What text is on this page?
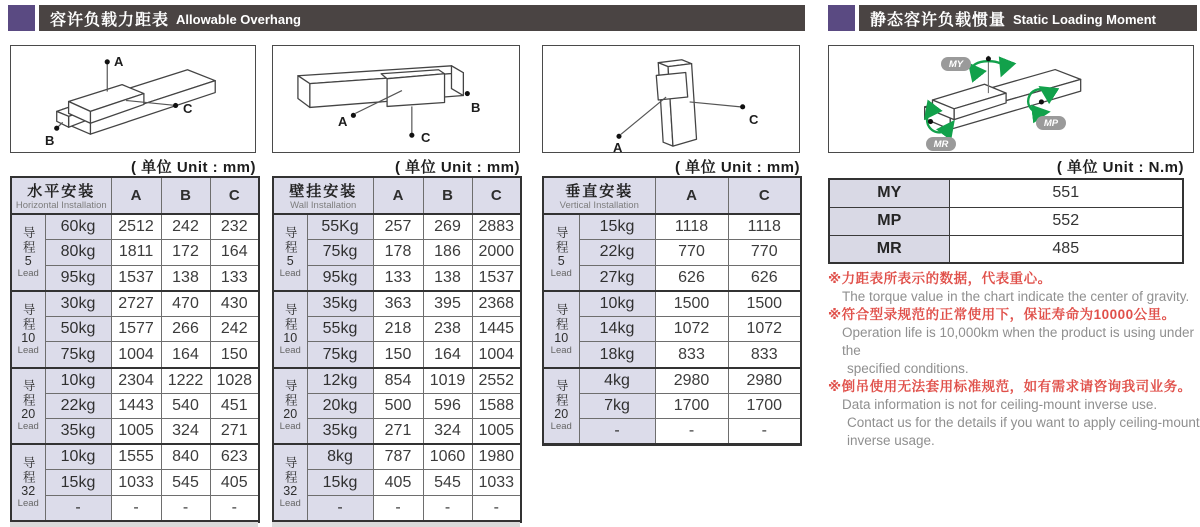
容许负载力距表 Allowable Overhang	静态容许负载惯量 Static Loading Moment
A
B
C
A
B
C
A
C
MY
MP
MR
( 单位 Unit : mm)	( 单位 Unit : mm)	( 单位 Unit : mm)	( 单位 Unit : N.m)
水平安装
Horizontal Installation		A	B	C

导程
5
Lead	60kg	2512	242	232
	80kg	1811	172	164
	95kg	1537	138	133

导程
10
Lead	30kg	2727	470	430
	50kg	1577	266	242
	75kg	1004	164	150

导程
20
Lead	10kg	2304	1222	1028
	22kg	1443	540	451
	35kg	1005	324	271

导程
32
Lead	10kg	1555	840	623
	15kg	1033	545	405
	-	-	-	-
壁挂安装
Wall Installation		A	B	C

导程
5
Lead	55Kg	257	269	2883
	75kg	178	186	2000
	95kg	133	138	1537

导程
10
Lead	35kg	363	395	2368
	55kg	218	238	1445
	75kg	150	164	1004

导程
20
Lead	12kg	854	1019	2552
	20kg	500	596	1588
	35kg	271	324	1005

导程
32
Lead	8kg	787	1060	1980
	15kg	405	545	1033
	-	-	-	-
垂直安装
Vertical Installation		A	C

导程
5
Lead	15kg	1118	1118
	22kg	770	770
	27kg	626	626

导程
10
Lead	10kg	1500	1500
	14kg	1072	1072
	18kg	833	833

导程
20
Lead	4kg	2980	2980
	7kg	1700	1700
	-	-	-
MY	551
MP	552
MR	485
※力距表所表示的数据，代表重心。
The torque value in the chart indicate the center of gravity.
※符合型录规范的正常使用下，保证寿命为10000公里。
Operation life is 10,000km when the product is using under the
specified conditions.
※倒吊使用无法套用标准规范，如有需求请咨询我司业务。
Data information is not for ceiling-mount inverse use.
Contact us for the details if you want to apply ceiling-mount
inverse usage.
